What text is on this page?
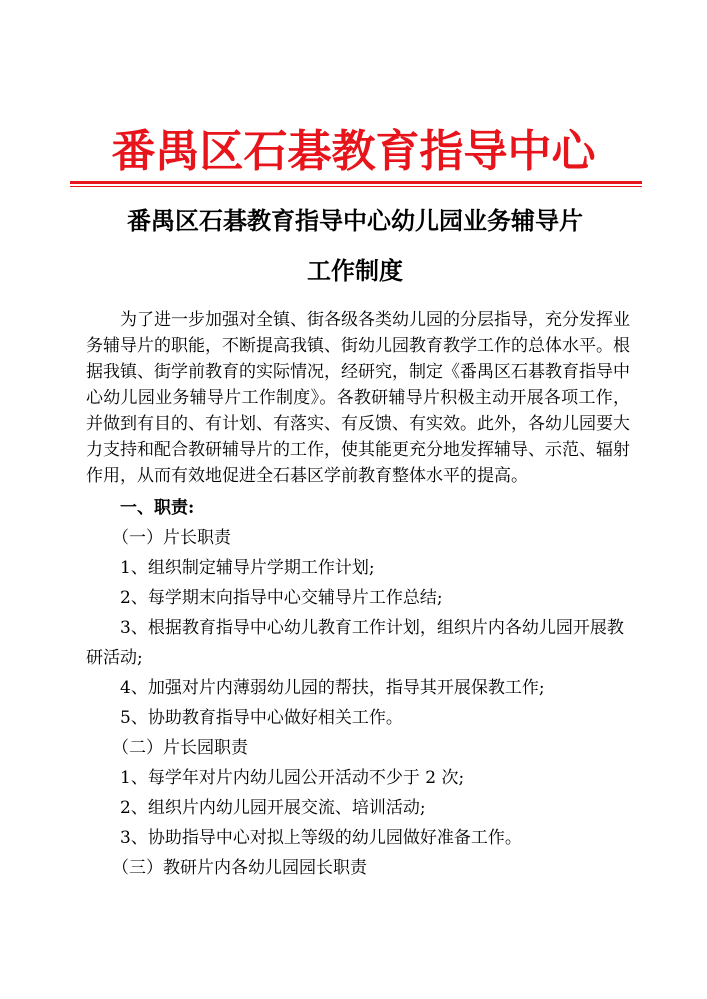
番禺区石碁教育指导中心
番禺区石碁教育指导中心幼儿园业务辅导片
工作制度

为了进一步加强对全镇、街各级各类幼儿园的分层指导，充分发挥业务辅导片的职能，不断提高我镇、街幼儿园教育教学工作的总体水平。根据我镇、街学前教育的实际情况，经研究，制定《番禺区石碁教育指导中心幼儿园业务辅导片工作制度》。各教研辅导片积极主动开展各项工作，并做到有目的、有计划、有落实、有反馈、有实效。此外，各幼儿园要大力支持和配合教研辅导片的工作，使其能更充分地发挥辅导、示范、辐射作用，从而有效地促进全石碁区学前教育整体水平的提高。

一、职责:
（一）片长职责
1、组织制定辅导片学期工作计划;
2、每学期末向指导中心交辅导片工作总结;
3、根据教育指导中心幼儿教育工作计划，组织片内各幼儿园开展教研活动;
4、加强对片内薄弱幼儿园的帮扶，指导其开展保教工作;
5、协助教育指导中心做好相关工作。
（二）片长园职责
1、每学年对片内幼儿园公开活动不少于 2 次;
2、组织片内幼儿园开展交流、培训活动;
3、协助指导中心对拟上等级的幼儿园做好准备工作。
（三）教研片内各幼儿园园长职责
